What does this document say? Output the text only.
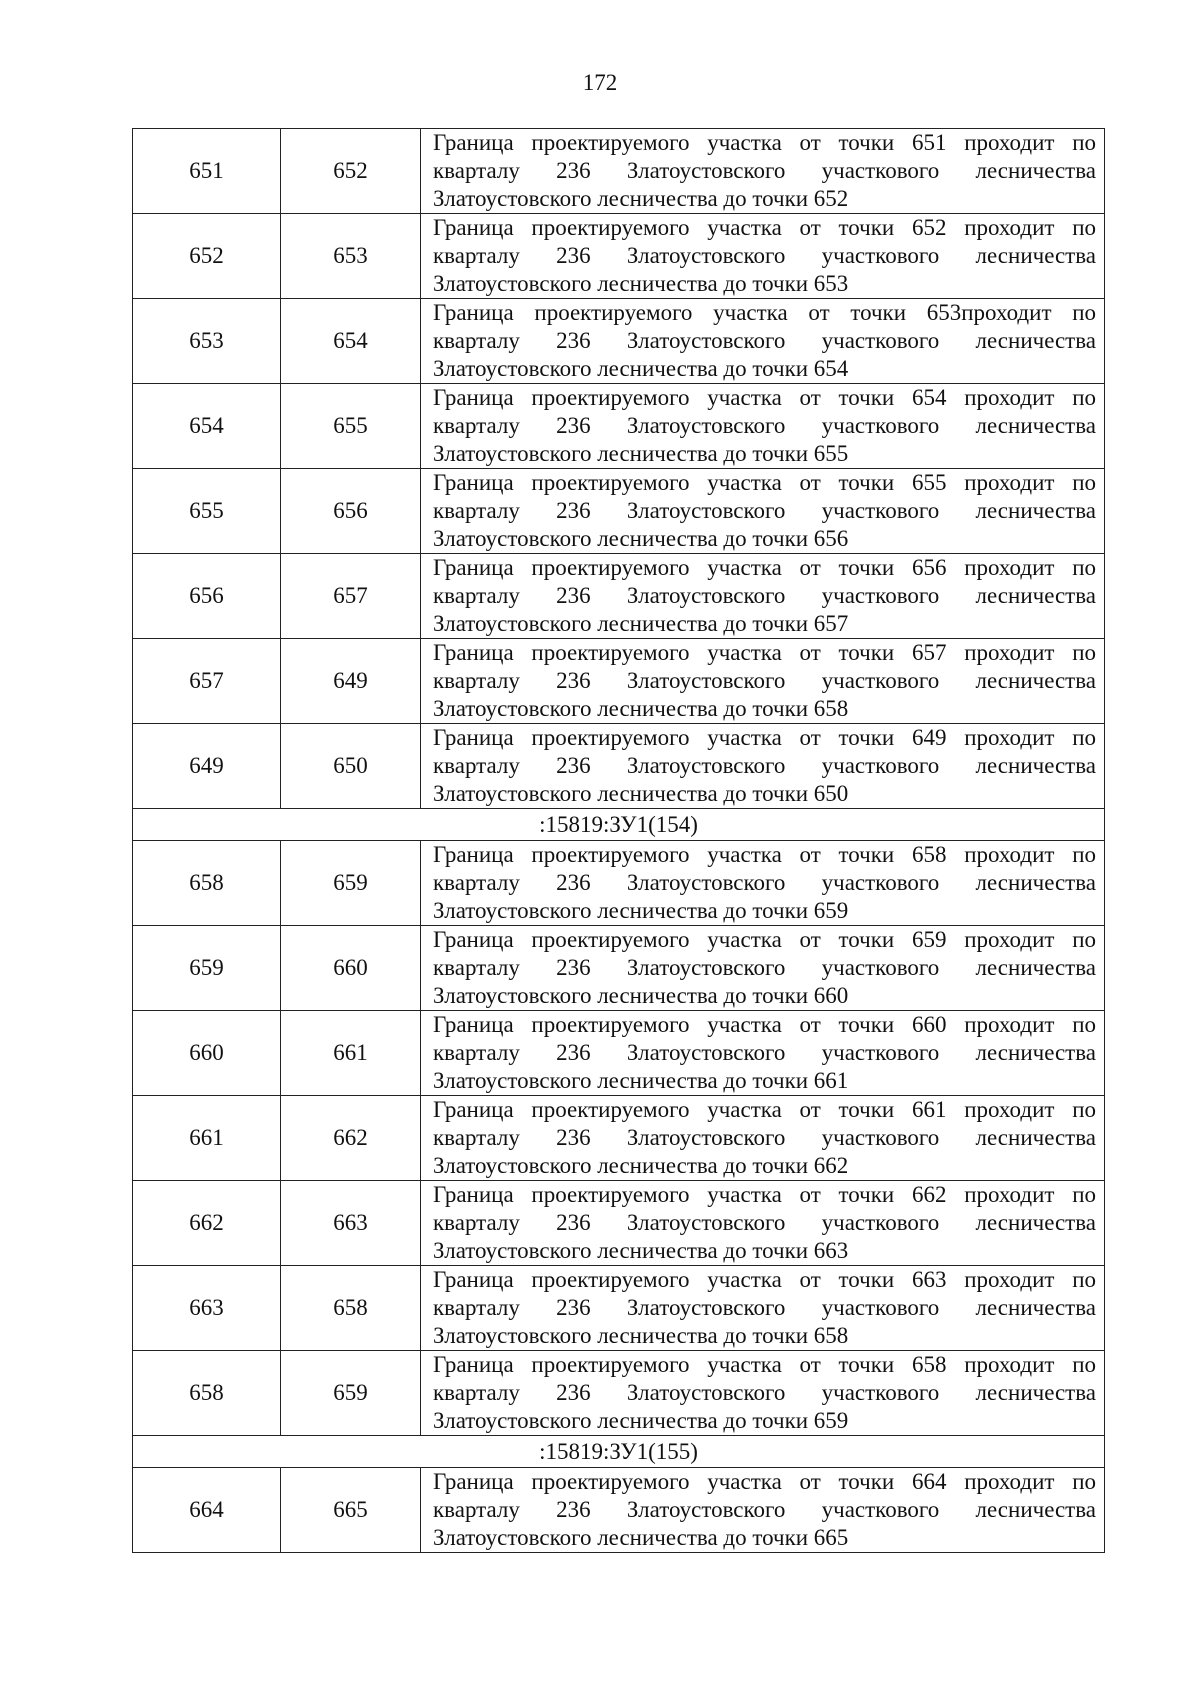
172
651	652	Граница проектируемого участка от точки 651 проходит по кварталу 236 Златоустовского участкового лесничества Златоустовского лесничества до точки 652
652	653	Граница проектируемого участка от точки 652 проходит по кварталу 236 Златоустовского участкового лесничества Златоустовского лесничества до точки 653
653	654	Граница проектируемого участка от точки 653проходит по кварталу 236 Златоустовского участкового лесничества Златоустовского лесничества до точки 654
654	655	Граница проектируемого участка от точки 654 проходит по кварталу 236 Златоустовского участкового лесничества Златоустовского лесничества до точки 655
655	656	Граница проектируемого участка от точки 655 проходит по кварталу 236 Златоустовского участкового лесничества Златоустовского лесничества до точки 656
656	657	Граница проектируемого участка от точки 656 проходит по кварталу 236 Златоустовского участкового лесничества Златоустовского лесничества до точки 657
657	649	Граница проектируемого участка от точки 657 проходит по кварталу 236 Златоустовского участкового лесничества Златоустовского лесничества до точки 658
649	650	Граница проектируемого участка от точки 649 проходит по кварталу 236 Златоустовского участкового лесничества Златоустовского лесничества до точки 650
:15819:ЗУ1(154)		
658	659	Граница проектируемого участка от точки 658 проходит по кварталу 236 Златоустовского участкового лесничества Златоустовского лесничества до точки 659
659	660	Граница проектируемого участка от точки 659 проходит по кварталу 236 Златоустовского участкового лесничества Златоустовского лесничества до точки 660
660	661	Граница проектируемого участка от точки 660 проходит по кварталу 236 Златоустовского участкового лесничества Златоустовского лесничества до точки 661
661	662	Граница проектируемого участка от точки 661 проходит по кварталу 236 Златоустовского участкового лесничества Златоустовского лесничества до точки 662
662	663	Граница проектируемого участка от точки 662 проходит по кварталу 236 Златоустовского участкового лесничества Златоустовского лесничества до точки 663
663	658	Граница проектируемого участка от точки 663 проходит по кварталу 236 Златоустовского участкового лесничества Златоустовского лесничества до точки 658
658	659	Граница проектируемого участка от точки 658 проходит по кварталу 236 Златоустовского участкового лесничества Златоустовского лесничества до точки 659
:15819:ЗУ1(155)		
664	665	Граница проектируемого участка от точки 664 проходит по кварталу 236 Златоустовского участкового лесничества Златоустовского лесничества до точки 665
